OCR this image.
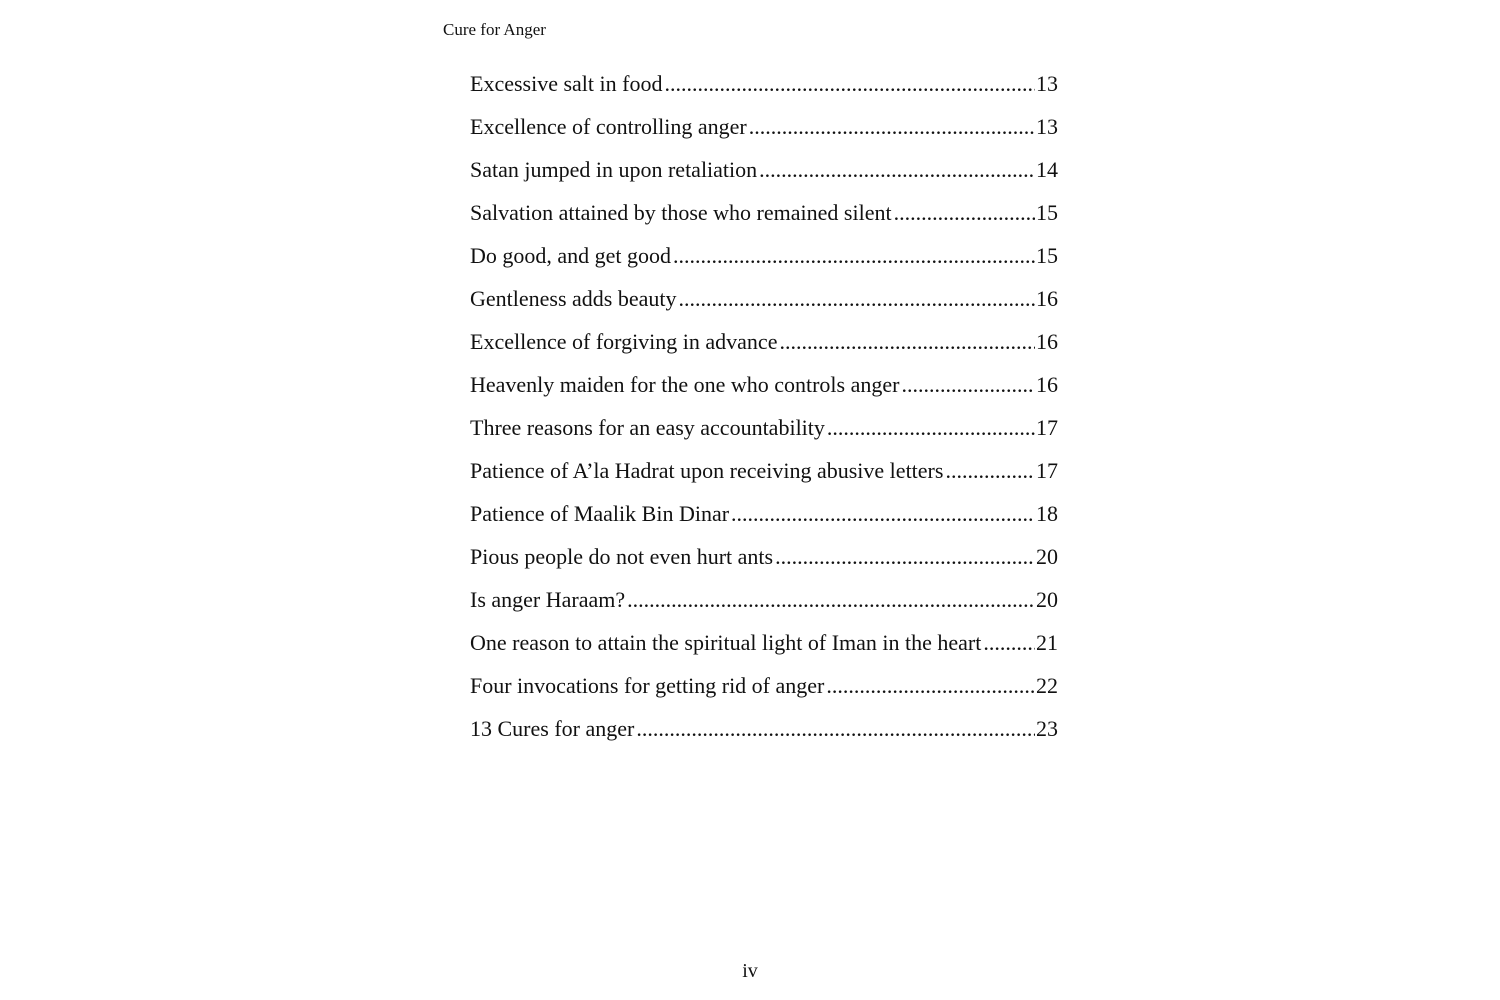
Cure for Anger
Excessive salt in food .....	13
Excellence of controlling anger .....	13
Satan jumped in upon retaliation .....	14
Salvation attained by those who remained silent .....	15
Do good, and get good .....	15
Gentleness adds beauty .....	16
Excellence of forgiving in advance .....	16
Heavenly maiden for the one who controls anger .....	16
Three reasons for an easy accountability .....	17
Patience of A’la Hadrat upon receiving abusive letters .....	17
Patience of Maalik Bin Dinar .....	18
Pious people do not even hurt ants .....	20
Is anger Haraam? .....	20
One reason to attain the spiritual light of Iman in the heart ..... 21
Four invocations for getting rid of anger .....	22
13 Cures for anger .....	23
iv
